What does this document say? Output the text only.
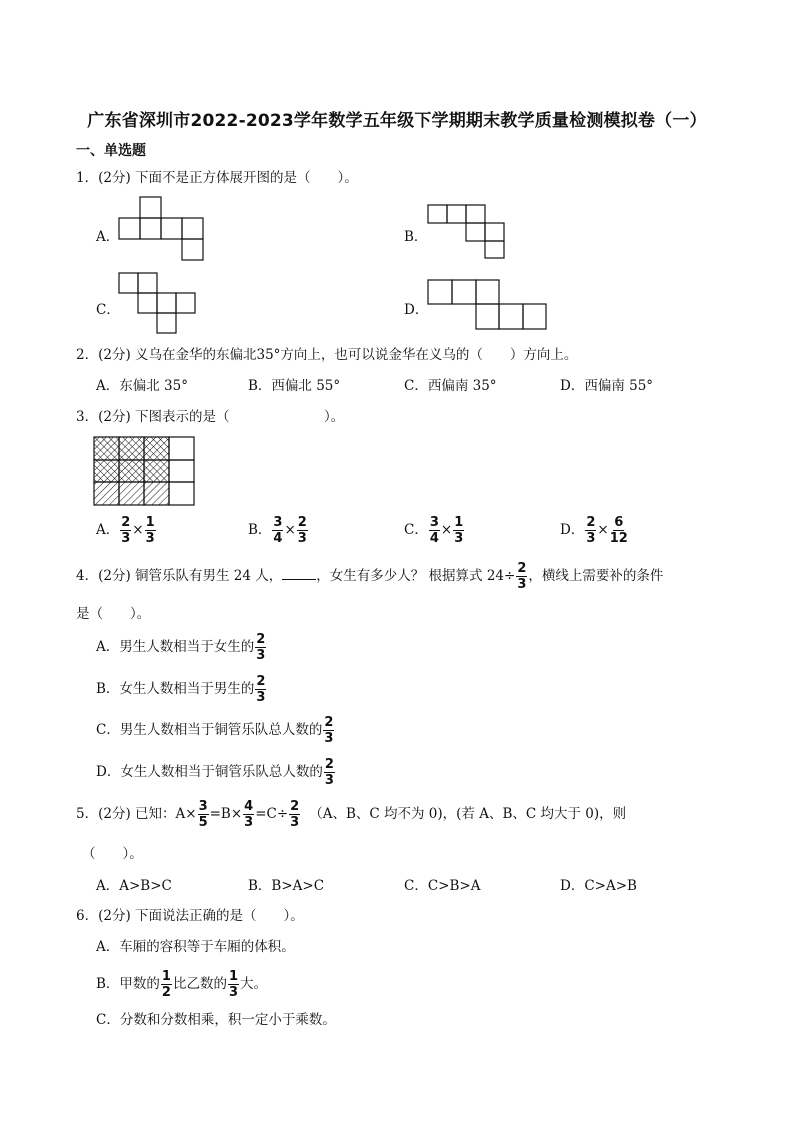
广东省深圳市2022-2023学年数学五年级下学期期末教学质量检测模拟卷（一）
一、单选题
1．(2分) 下面不是正方体展开图的是（　　）。
A．	B．
C．	D．
2．(2分) 义乌在金华的东偏北35°方向上，也可以说金华在义乌的（　　）方向上。
A．东偏北 35°	B．西偏北 55°	C．西偏南 35°	D．西偏南 55°
3．(2分) 下图表示的是（　　　　　　　）。
A． $\frac{2}{3} \times \frac{1}{3}$	B． $\frac{3}{4} \times \frac{2}{3}$	C． $\frac{3}{4} \times \frac{1}{3}$	D． $\frac{2}{3} \times \frac{6}{12}$
4．(2分) 铜管乐队有男生 24 人，	，女生有多少人？ 根据算式 $24\div \frac{2}{3}$ ，横线上需要补的条件
是（　　）。
A．男生人数相当于女生的 $\frac{2}{3}$
B．女生人数相当于男生的 $\frac{2}{3}$
C．男生人数相当于铜管乐队总人数的 $\frac{2}{3}$
D．女生人数相当于铜管乐队总人数的 $\frac{2}{3}$
5．(2分) 已知：$A\times \frac{3}{5} =B\times \frac{4}{3} =C\div \frac{2}{3} (A$、B、C 均不为 0)，(若 A、B、C 均大于 0)，则
（　　）。
A．A>B>C	B．B>A>C	C．C>B>A	D．C>A>B
6．(2分) 下面说法正确的是（　　）。
A．车厢的容积等于车厢的体积。
B．甲数的 $\frac{1}{2}$ 比乙数的 $\frac{1}{3}$ 大。
C．分数和分数相乘，积一定小于乘数。
